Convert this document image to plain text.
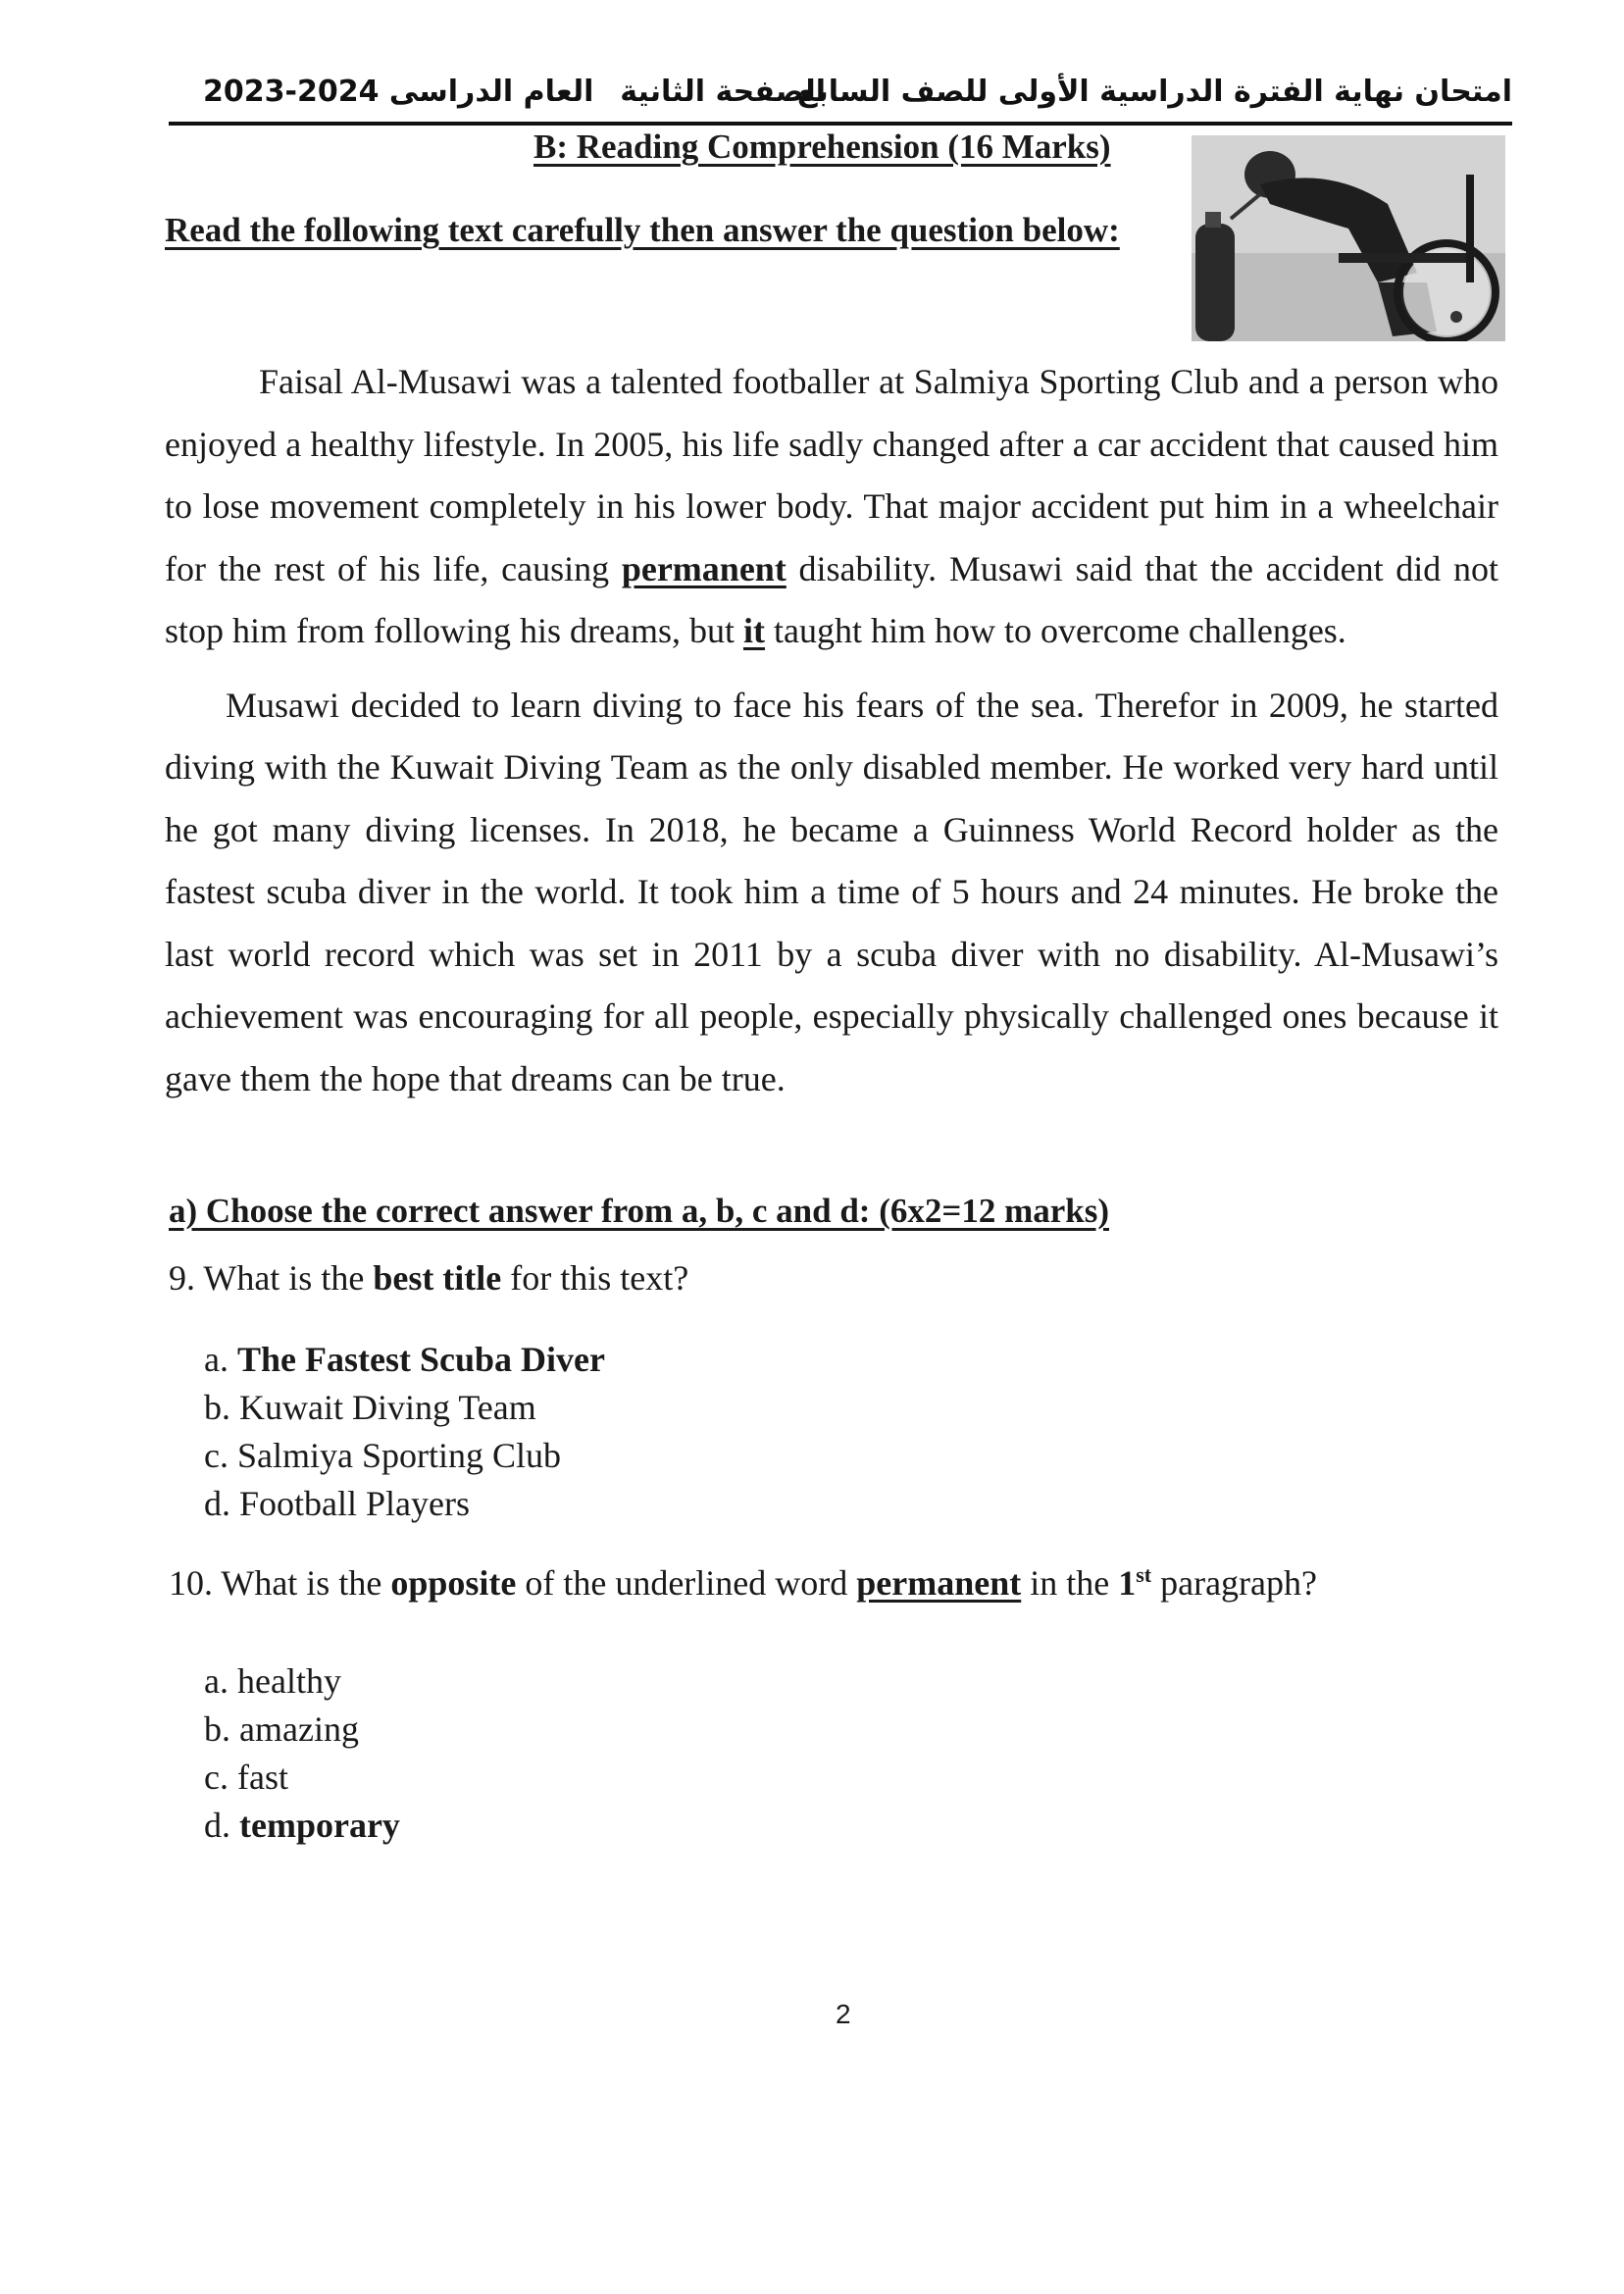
امتحان نهاية الفترة الدراسية الأولى للصف السابع
الصفحة الثانية
العام الدراسى 2023-2024
B: Reading Comprehension (16 Marks)
Read the following text carefully then answer the question below:

Faisal Al-Musawi was a talented footballer at Salmiya Sporting Club and a person who enjoyed a healthy lifestyle. In 2005, his life sadly changed after a car accident that caused him to lose movement completely in his lower body. That major accident put him in a wheelchair for the rest of his life, causing permanent disability. Musawi said that the accident did not stop him from following his dreams, but it taught him how to overcome challenges.

Musawi decided to learn diving to face his fears of the sea. Therefor in 2009, he started diving with the Kuwait Diving Team as the only disabled member. He worked very hard until he got many diving licenses. In 2018, he became a Guinness World Record holder as the fastest scuba diver in the world. It took him a time of 5 hours and 24 minutes. He broke the last world record which was set in 2011 by a scuba diver with no disability. Al-Musawi’s achievement was encouraging for all people, especially physically challenged ones because it gave them the hope that dreams can be true.

a) Choose the correct answer from a, b, c and d: (6x2=12 marks)
9. What is the best title for this text?
a. The Fastest Scuba Diver
b. Kuwait Diving Team
c. Salmiya Sporting Club
d. Football Players
10. What is the opposite of the underlined word permanent in the 1st paragraph?
a. healthy
b. amazing
c. fast
d. temporary
2
